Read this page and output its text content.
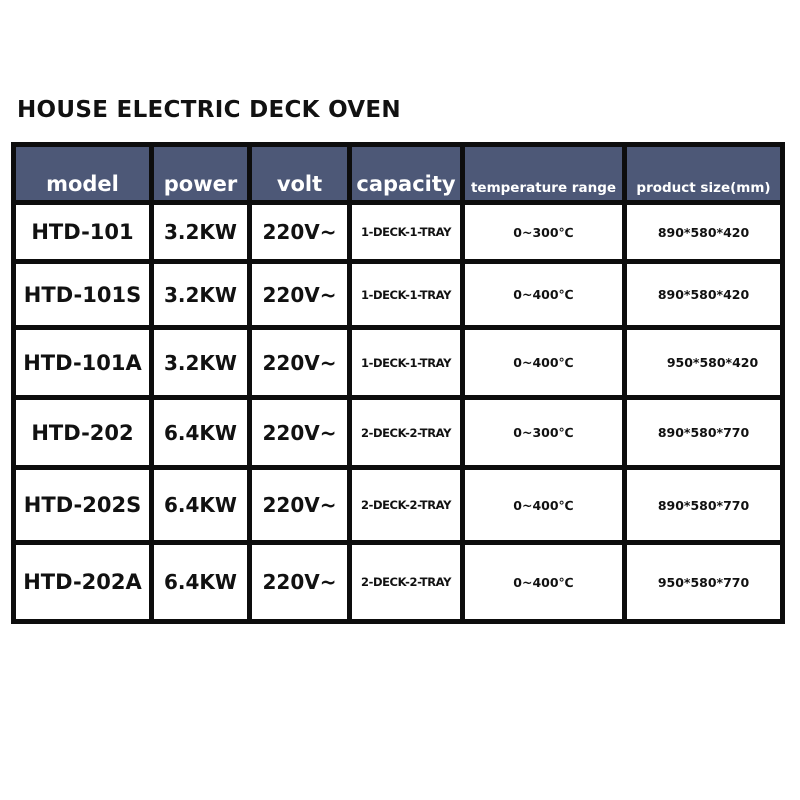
HOUSE ELECTRIC DECK OVEN
model	power	volt	capacity	temperature range	product size(mm)
HTD-101	3.2KW	220V~	1-DECK-1-TRAY	0~300℃	890*580*420
HTD-101S	3.2KW	220V~	1-DECK-1-TRAY	0~400℃	890*580*420
HTD-101A	3.2KW	220V~	1-DECK-1-TRAY	0~400℃	950*580*420
HTD-202	6.4KW	220V~	2-DECK-2-TRAY	0~300℃	890*580*770
HTD-202S	6.4KW	220V~	2-DECK-2-TRAY	0~400℃	890*580*770
HTD-202A	6.4KW	220V~	2-DECK-2-TRAY	0~400℃	950*580*770
